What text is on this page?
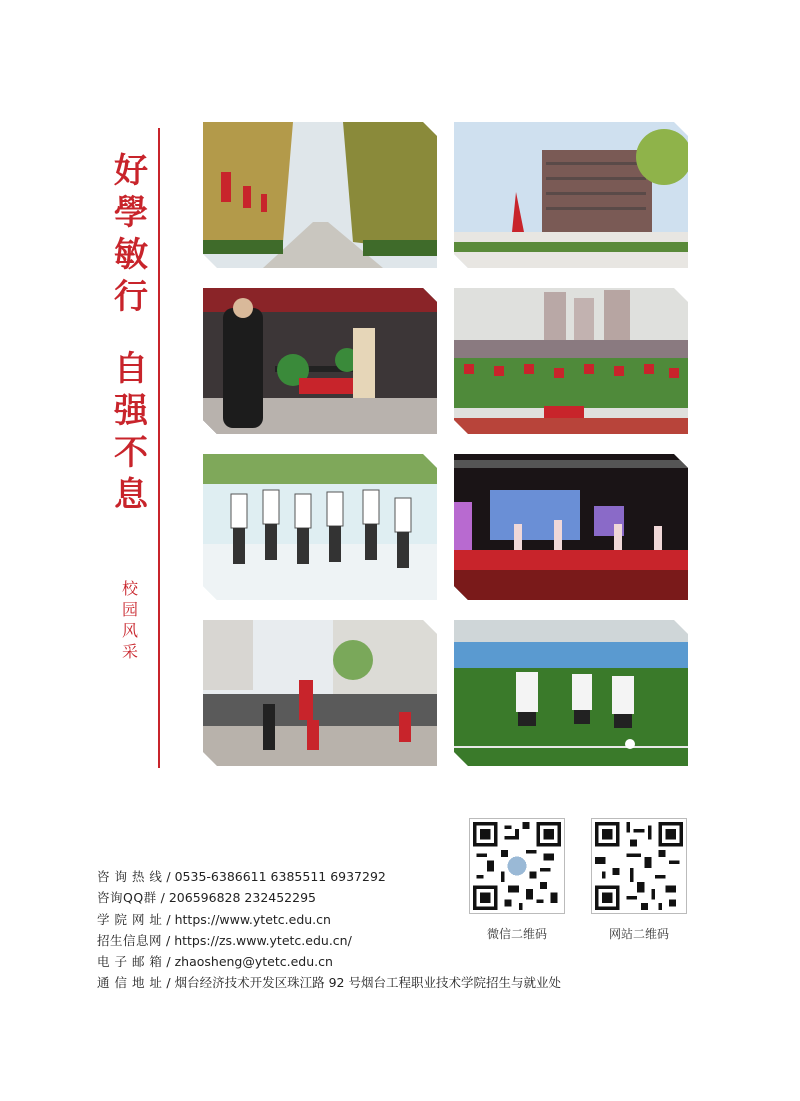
好
學
敏
行
自
强
不
息
校
园
风
采
咨 询 热 线 / 0535-6386611 6385511 6937292
咨询QQ群 / 206596828 232452295
学 院 网 址 / https://www.ytetc.edu.cn
招生信息网 / https://zs.www.ytetc.edu.cn/
电 子 邮 箱 / zhaosheng@ytetc.edu.cn
通 信 地 址 / 烟台经济技术开发区珠江路 92 号烟台工程职业技术学院招生与就业处
微信二维码	网站二维码
